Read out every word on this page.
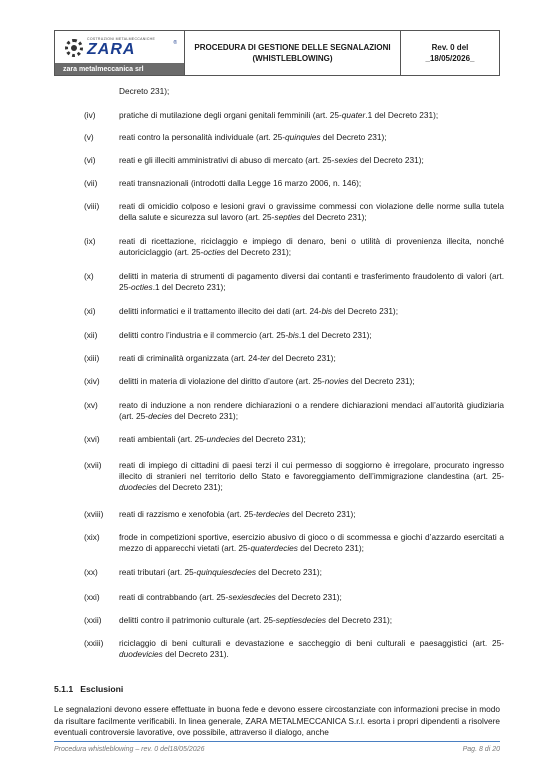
COSTRUZIONI METALMECCANICHE
ZARA	®
zara metalmeccanica srl
PROCEDURA DI GESTIONE DELLE SEGNALAZIONI
(WHISTLEBLOWING)
Rev. 0 del
_18/05/2026_
Decreto 231);
(iv)	pratiche di mutilazione degli organi genitali femminili (art. 25-quater.1 del Decreto 231);
(v)	reati contro la personalità individuale (art. 25-quinquies del Decreto 231);
(vi)	reati e gli illeciti amministrativi di abuso di mercato (art. 25-sexies del Decreto 231);
(vii)	reati transnazionali (introdotti dalla Legge 16 marzo 2006, n. 146);
(viii)	reati di omicidio colposo e lesioni gravi o gravissime commessi con violazione delle norme sulla tutela della salute e sicurezza sul lavoro (art. 25-septies del Decreto 231);
(ix)	reati di ricettazione, riciclaggio e impiego di denaro, beni o utilità di provenienza illecita, nonché autoriciclaggio (art. 25-octies del Decreto 231);
(x)	delitti in materia di strumenti di pagamento diversi dai contanti e trasferimento fraudolento di valori (art. 25-octies.1 del Decreto 231);
(xi)	delitti informatici e il trattamento illecito dei dati (art. 24-bis del Decreto 231);
(xii)	delitti contro l’industria e il commercio (art. 25-bis.1 del Decreto 231);
(xiii)	reati di criminalità organizzata (art. 24-ter del Decreto 231);
(xiv)	delitti in materia di violazione del diritto d’autore (art. 25-novies del Decreto 231);
(xv)	reato di induzione a non rendere dichiarazioni o a rendere dichiarazioni mendaci all’autorità giudiziaria (art. 25-decies del Decreto 231);
(xvi)	reati ambientali (art. 25-undecies del Decreto 231);
(xvii)	reati di impiego di cittadini di paesi terzi il cui permesso di soggiorno è irregolare, procurato ingresso illecito di stranieri nel territorio dello Stato e favoreggiamento dell’immigrazione clandestina (art. 25-duodecies del Decreto 231);
(xviii)	reati di razzismo e xenofobia (art. 25-terdecies del Decreto 231);
(xix)	frode in competizioni sportive, esercizio abusivo di gioco o di scommessa e giochi d’azzardo esercitati a mezzo di apparecchi vietati (art. 25-quaterdecies del Decreto 231);
(xx)	reati tributari (art. 25-quinquiesdecies del Decreto 231);
(xxi)	reati di contrabbando (art. 25-sexiesdecies del Decreto 231);
(xxii)	delitti contro il patrimonio culturale (art. 25-septiesdecies del Decreto 231);
(xxiii)	riciclaggio di beni culturali e devastazione e saccheggio di beni culturali e paesaggistici (art. 25-duodevicies del Decreto 231).
5.1.1 Esclusioni
Le segnalazioni devono essere effettuate in buona fede e devono essere circostanziate con informazioni precise in modo da risultare facilmente verificabili. In linea generale, ZARA METALMECCANICA S.r.l. esorta i propri dipendenti a risolvere eventuali controversie lavorative, ove possibile, attraverso il dialogo, anche
Procedura whistleblowing – rev. 0 del18/05/2026	Pag. 8 di 20
